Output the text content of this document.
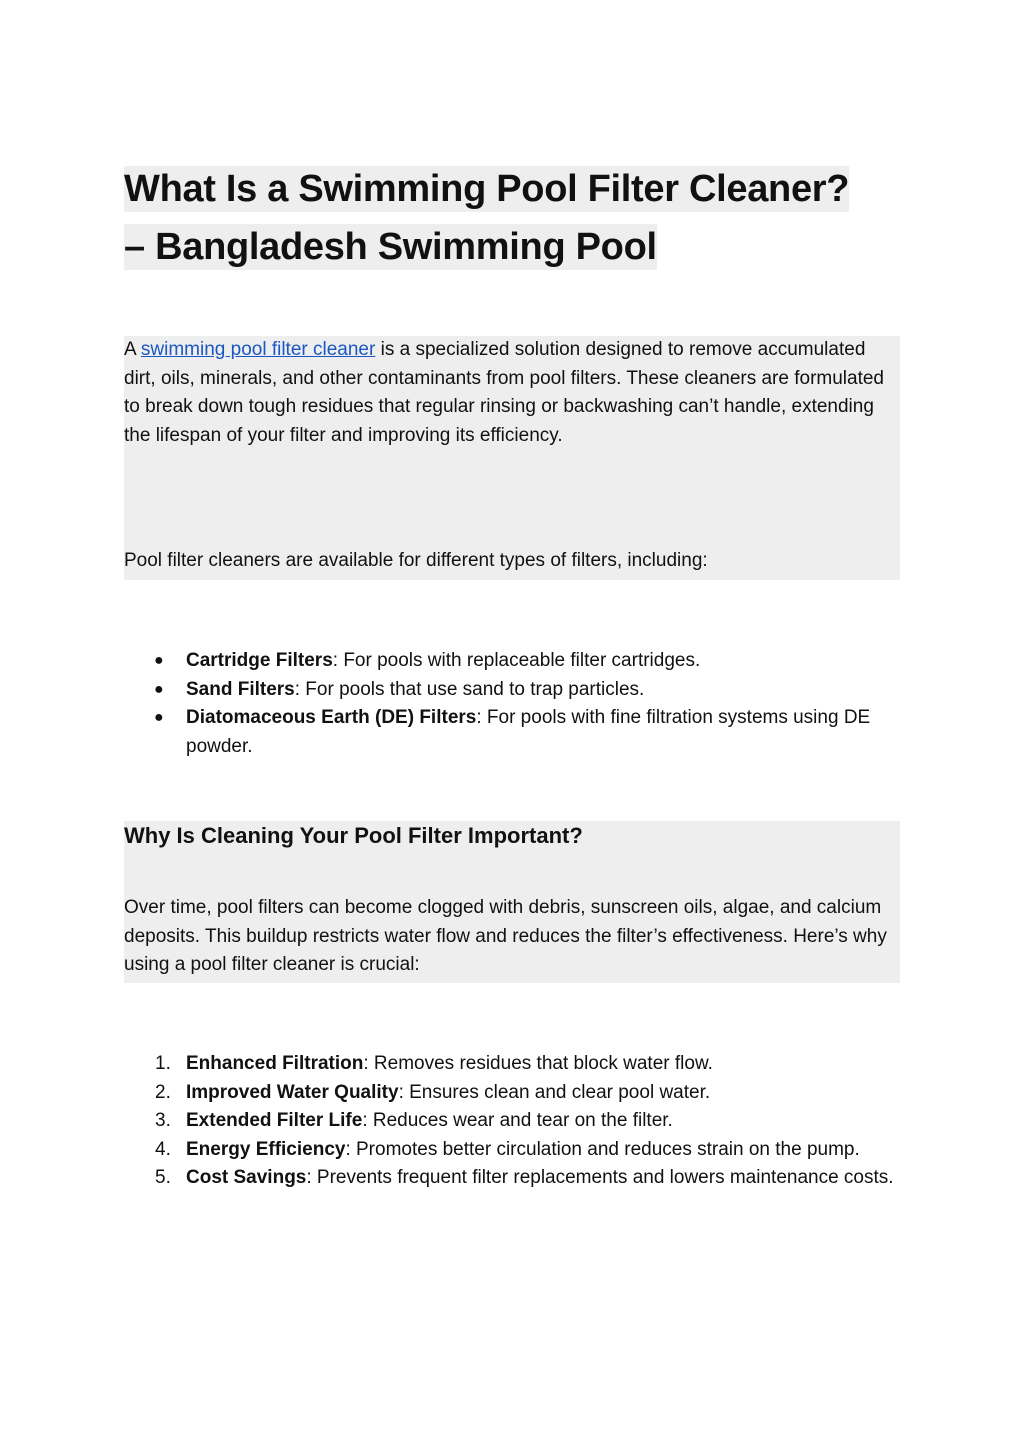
What Is a Swimming Pool Filter Cleaner?
– Bangladesh Swimming Pool

A swimming pool filter cleaner is a specialized solution designed to remove accumulated dirt, oils, minerals, and other contaminants from pool filters. These cleaners are formulated to break down tough residues that regular rinsing or backwashing can’t handle, extending the lifespan of your filter and improving its efficiency.

Pool filter cleaners are available for different types of filters, including:

●	Cartridge Filters: For pools with replaceable filter cartridges.
●	Sand Filters: For pools that use sand to trap particles.
●	Diatomaceous Earth (DE) Filters: For pools with fine filtration systems using DE powder.
Why Is Cleaning Your Pool Filter Important?

Over time, pool filters can become clogged with debris, sunscreen oils, algae, and calcium deposits. This buildup restricts water flow and reduces the filter’s effectiveness. Here’s why using a pool filter cleaner is crucial:

1. Enhanced Filtration: Removes residues that block water flow.
2. Improved Water Quality: Ensures clean and clear pool water.
3. Extended Filter Life: Reduces wear and tear on the filter.
4. Energy Efficiency: Promotes better circulation and reduces strain on the pump.
5. Cost Savings: Prevents frequent filter replacements and lowers maintenance costs.
